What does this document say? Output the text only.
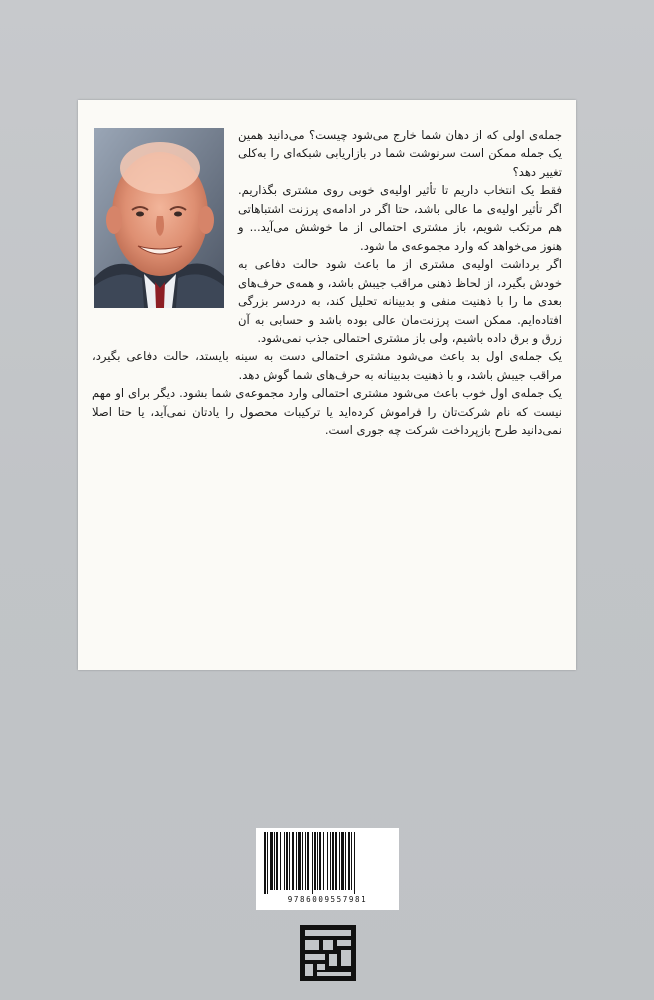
جمله‌ی اولی که از دهان شما خارج می‌شود چیست؟ می‌دانید همین یک جمله ممکن است سرنوشت شما در بازاریابی شبکه‌ای را به‌کلی تغییر دهد؟

فقط یک انتخاب داریم تا تأثیر اولیه‌ی خوبی روی مشتری بگذاریم. اگر تأثیر اولیه‌ی ما عالی باشد، حتا اگر در ادامه‌ی پرزنت اشتباهاتی هم مرتکب شویم، باز مشتری احتمالی از ما خوشش می‌آید... و هنوز می‌خواهد که وارد مجموعه‌ی ما شود.

اگر برداشت اولیه‌ی مشتری از ما باعث شود حالت دفاعی به خودش بگیرد، از لحاظ ذهنی مراقب جیبش باشد، و همه‌ی حرف‌های بعدی ما را با ذهنیت منفی و بدبینانه تحلیل کند، به دردسر بزرگی افتاده‌ایم. ممکن است پرزنت‌مان عالی بوده باشد و حسابی به آن زرق و برق داده باشیم، ولی باز مشتری احتمالی جذب نمی‌شود.

یک جمله‌ی اول بد باعث می‌شود مشتری احتمالی دست به سینه بایستد، حالت دفاعی بگیرد، مراقب جیبش باشد، و با ذهنیت بدبینانه به حرف‌های شما گوش دهد.

یک جمله‌ی اول خوب باعث می‌شود مشتری احتمالی وارد مجموعه‌ی شما بشود. دیگر برای او مهم نیست که نام شرکت‌تان را فراموش کرده‌اید یا ترکیبات محصول را یادتان نمی‌آید، یا حتا اصلا نمی‌دانید طرح بازپرداخت شرکت چه جوری است.

9786009557981
